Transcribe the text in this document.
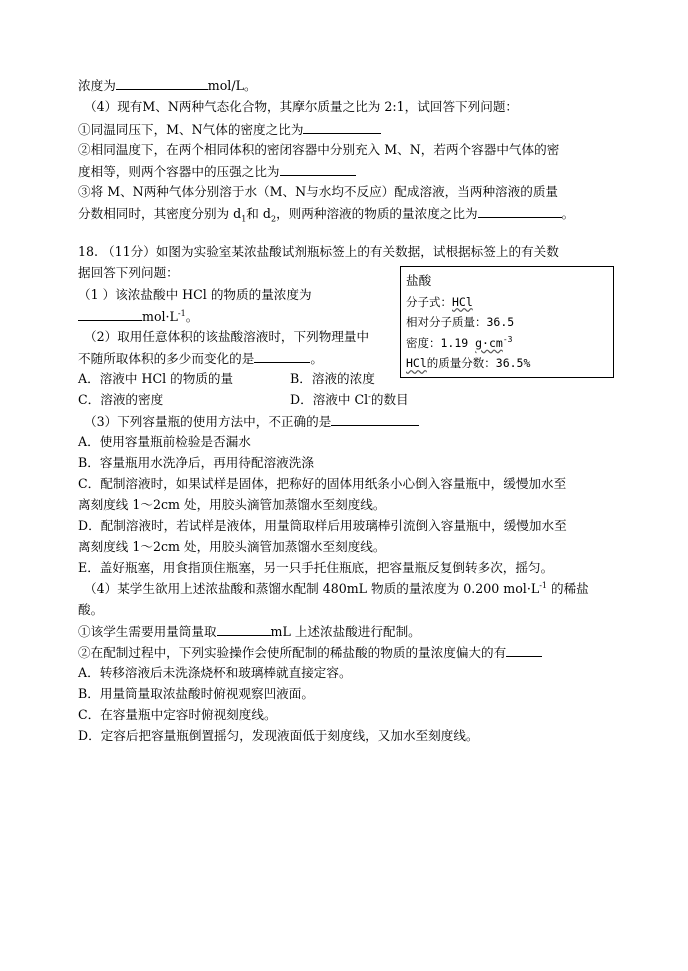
浓度为	mol/L。
（4）现有M、N两种气态化合物，其摩尔质量之比为 2:1，试回答下列问题：
①同温同压下，M、N气体的密度之比为
②相同温度下，在两个相同体积的密闭容器中分别充入 M、N，若两个容器中气体的密
度相等，则两个容器中的压强之比为
③将 M、N两种气体分别溶于水（M、N与水均不反应）配成溶液，当两种溶液的质量
分数相同时，其密度分别为 $d_1$和 $d_2$，则两种溶液的物质的量浓度之比为	。
18. （11分）如图为实验室某浓盐酸试剂瓶标签上的有关数据，试根据标签上的有关数
据回答下列问题：
（1 ）该浓盐酸中 HCl 的物质的量浓度为
$mol\cdot L^{-1}$。
（2）取用任意体积的该盐酸溶液时，下列物理量中
不随所取体积的多少而变化的是	。
A．溶液中 HCl 的物质的量	B．溶液的浓度
C．溶液的密度	D．溶液中 Cl-的数目
（3）下列容量瓶的使用方法中，不正确的是
A．使用容量瓶前检验是否漏水
B．容量瓶用水洗净后，再用待配溶液洗涤
C．配制溶液时，如果试样是固体，把称好的固体用纸条小心倒入容量瓶中，缓慢加水至
离刻度线 1～2cm 处，用胶头滴管加蒸馏水至刻度线。
D．配制溶液时，若试样是液体，用量筒取样后用玻璃棒引流倒入容量瓶中，缓慢加水至
离刻度线 1～2cm 处，用胶头滴管加蒸馏水至刻度线。
E．盖好瓶塞，用食指顶住瓶塞，另一只手托住瓶底，把容量瓶反复倒转多次，摇匀。
（4）某学生欲用上述浓盐酸和蒸馏水配制 480mL 物质的量浓度为 0.200 $mol\cdot L^{-1}$ 的稀盐
酸。
①该学生需要用量筒量取	mL 上述浓盐酸进行配制。
②在配制过程中，下列实验操作会使所配制的稀盐酸的物质的量浓度偏大的有
A．转移溶液后未洗涤烧杯和玻璃棒就直接定容。
B．用量筒量取浓盐酸时俯视观察凹液面。
C．在容量瓶中定容时俯视刻度线。
D．定容后把容量瓶倒置摇匀，发现液面低于刻度线，又加水至刻度线。
盐酸
分子式：HCl
相对分子质量：36.5
密度：1.19 $g\cdot cm^{-3}$
HCl的质量分数：36.5%
